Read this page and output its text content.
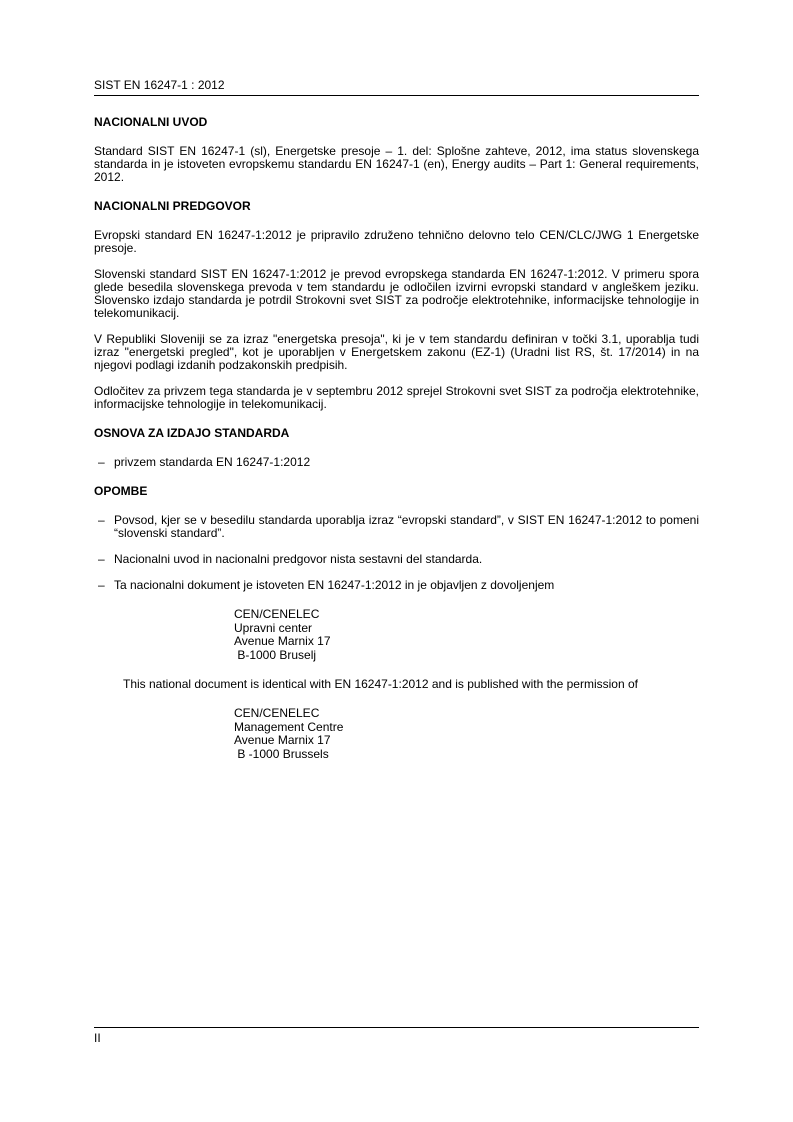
SIST EN 16247-1 : 2012
NACIONALNI UVOD
Standard SIST EN 16247-1 (sl), Energetske presoje – 1. del: Splošne zahteve, 2012, ima status slovenskega standarda in je istoveten evropskemu standardu EN 16247-1 (en), Energy audits – Part 1: General requirements, 2012.
NACIONALNI PREDGOVOR
Evropski standard EN 16247-1:2012 je pripravilo združeno tehnično delovno telo CEN/CLC/JWG 1 Energetske presoje.
Slovenski standard SIST EN 16247-1:2012 je prevod evropskega standarda EN 16247-1:2012. V primeru spora glede besedila slovenskega prevoda v tem standardu je odločilen izvirni evropski standard v angleškem jeziku. Slovensko izdajo standarda je potrdil Strokovni svet SIST za področje elektrotehnike, informacijske tehnologije in telekomunikacij.
V Republiki Sloveniji se za izraz "energetska presoja", ki je v tem standardu definiran v točki 3.1, uporablja tudi izraz "energetski pregled", kot je uporabljen v Energetskem zakonu (EZ-1) (Uradni list RS, št. 17/2014) in na njegovi podlagi izdanih podzakonskih predpisih.
Odločitev za privzem tega standarda je v septembru 2012 sprejel Strokovni svet SIST za področja elektrotehnike, informacijske tehnologije in telekomunikacij.
OSNOVA ZA IZDAJO STANDARDA
– privzem standarda EN 16247-1:2012
OPOMBE
– Povsod, kjer se v besedilu standarda uporablja izraz “evropski standard”, v SIST EN 16247-1:2012 to pomeni “slovenski standard”.
– Nacionalni uvod in nacionalni predgovor nista sestavni del standarda.
– Ta nacionalni dokument je istoveten EN 16247-1:2012 in je objavljen z dovoljenjem
CEN/CENELEC
Upravni center
Avenue Marnix 17
B-1000 Bruselj
This national document is identical with EN 16247-1:2012 and is published with the permission of
CEN/CENELEC
Management Centre
Avenue Marnix 17
B -1000 Brussels
II
